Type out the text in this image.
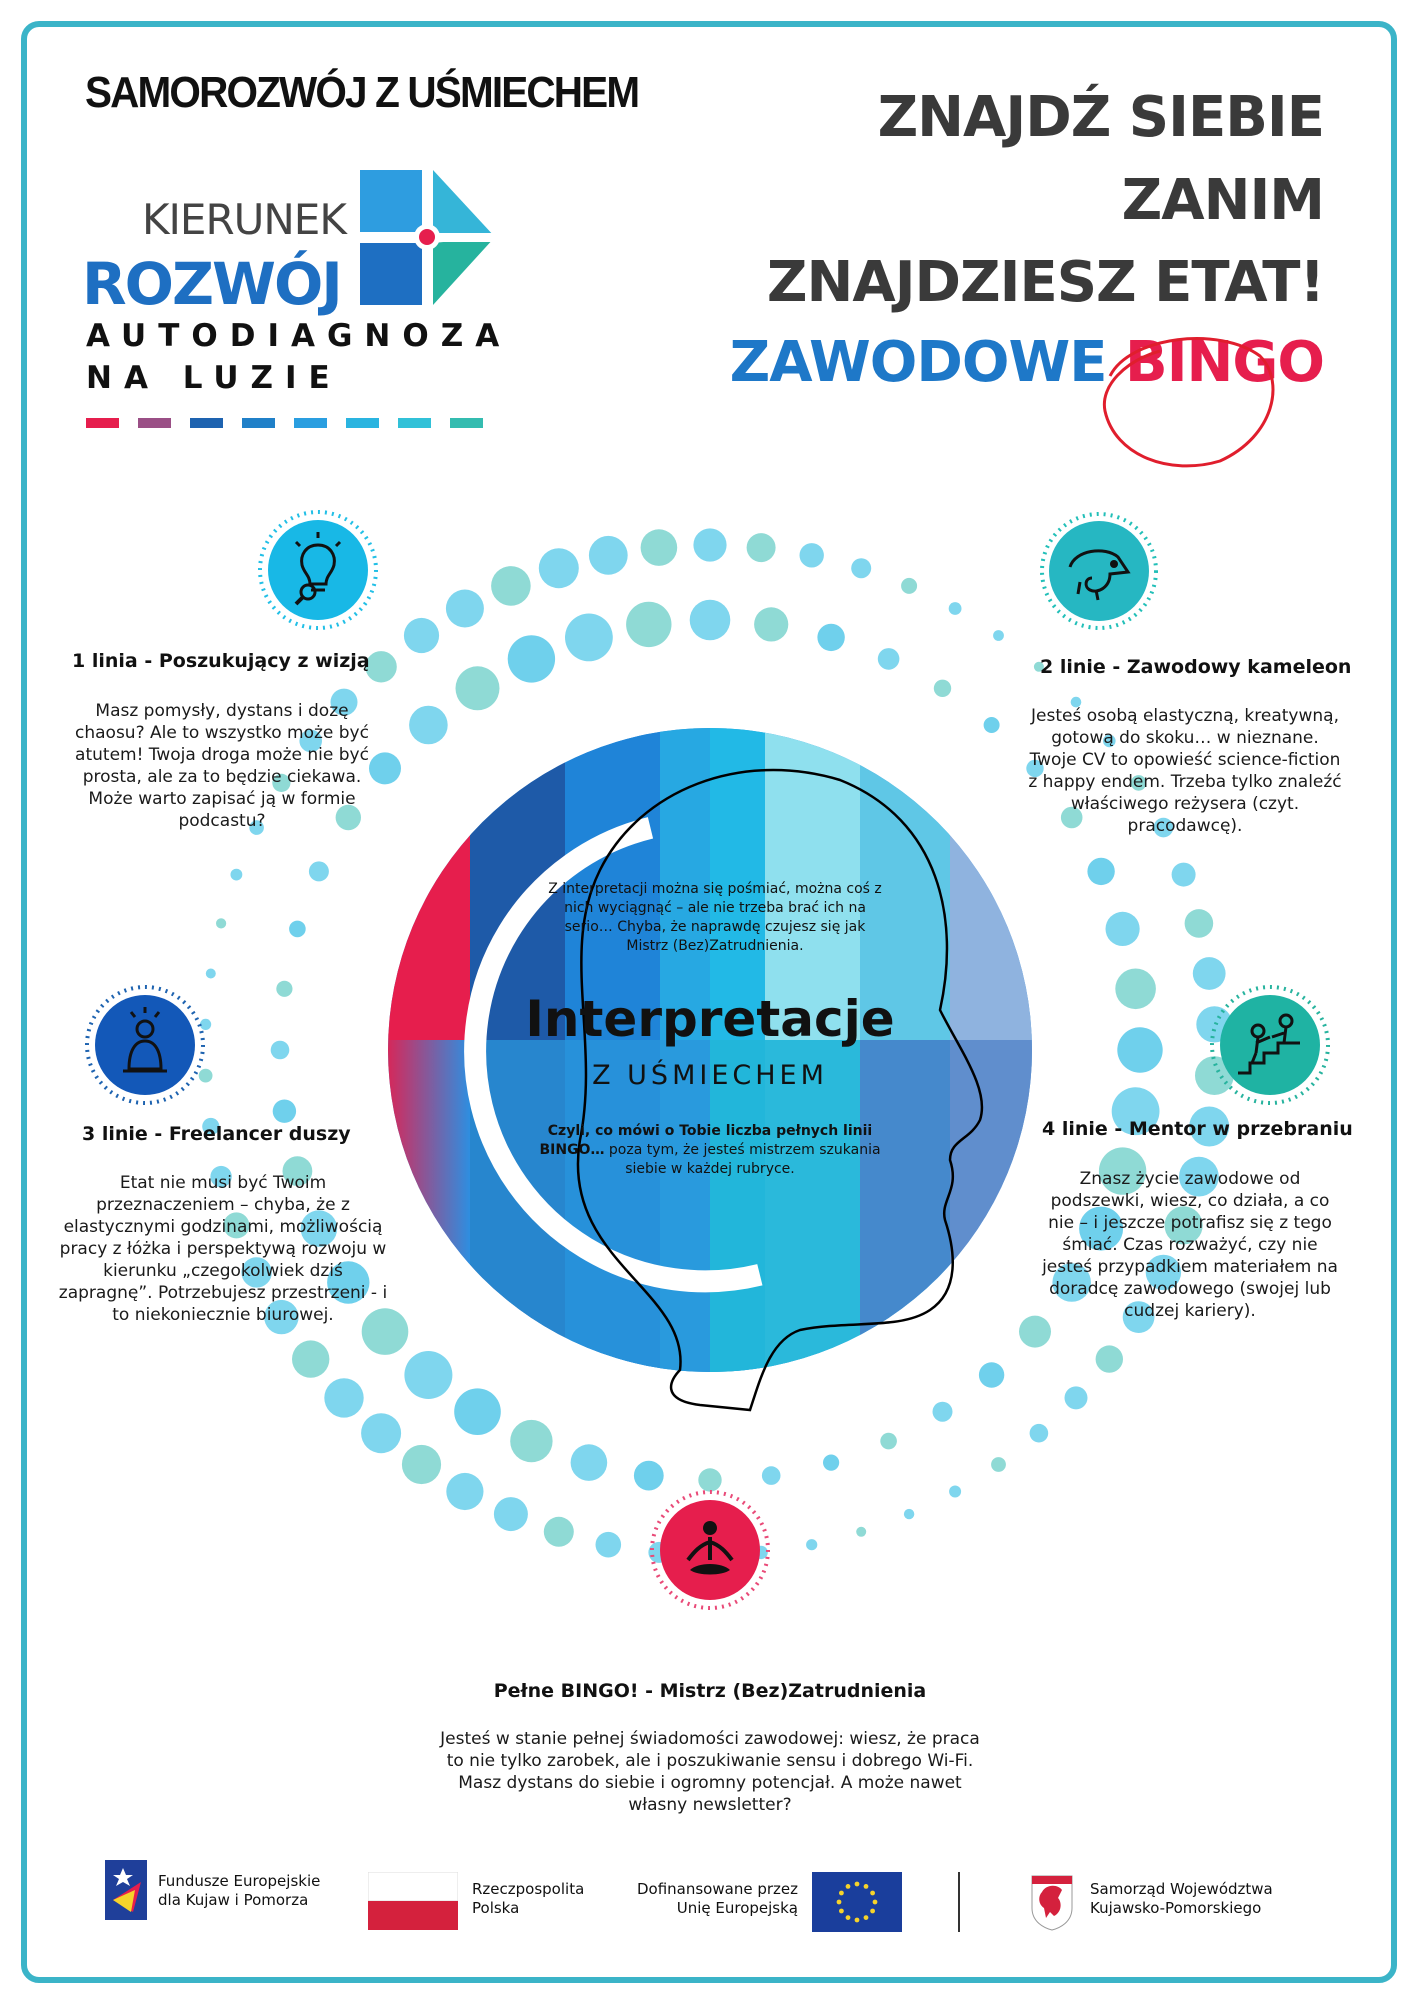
SAMOROZWÓJ Z UŚMIECHEM
KIERUNEK
ROZWÓJ
AUTODIAGNOZA
NA LUZIE
ZNAJDŹ SIEBIE
ZANIM
ZNAJDZIESZ ETAT!
ZAWODOWE BINGO
Z interpretacji można się pośmiać, można coś z nich wyciągnąć – ale nie trzeba brać ich na serio… Chyba, że naprawdę czujesz się jak Mistrz (Bez)Zatrudnienia.
Interpretacje
Z UŚMIECHEM
Czyli, co mówi o Tobie liczba pełnych linii BINGO… poza tym, że jesteś mistrzem szukania siebie w każdej rubryce.
1 linia - Poszukujący z wizją
Masz pomysły, dystans i dozę chaosu? Ale to wszystko może być atutem! Twoja droga może nie być prosta, ale za to będzie ciekawa. Może warto zapisać ją w formie podcastu?
2 linie - Zawodowy kameleon
Jesteś osobą elastyczną, kreatywną, gotową do skoku… w nieznane. Twoje CV to opowieść science-fiction z happy endem. Trzeba tylko znaleźć właściwego reżysera (czyt. pracodawcę).
3 linie - Freelancer duszy
Etat nie musi być Twoim przeznaczeniem – chyba, że z elastycznymi godzinami, możliwością pracy z łóżka i perspektywą rozwoju w kierunku „czegokolwiek dziś zapragnę”. Potrzebujesz przestrzeni - i to niekoniecznie biurowej.
4 linie - Mentor w przebraniu
Znasz życie zawodowe od podszewki, wiesz, co działa, a co nie – i jeszcze potrafisz się z tego śmiać. Czas rozważyć, czy nie jesteś przypadkiem materiałem na doradcę zawodowego (swojej lub cudzej kariery).
Pełne BINGO! - Mistrz (Bez)Zatrudnienia
Jesteś w stanie pełnej świadomości zawodowej: wiesz, że praca to nie tylko zarobek, ale i poszukiwanie sensu i dobrego Wi-Fi. Masz dystans do siebie i ogromny potencjał. A może nawet własny newsletter?
Fundusze Europejskie
dla Kujaw i Pomorza
Rzeczpospolita
Polska
Dofinansowane przez
Unię Europejską
Samorząd Województwa
Kujawsko-Pomorskiego
